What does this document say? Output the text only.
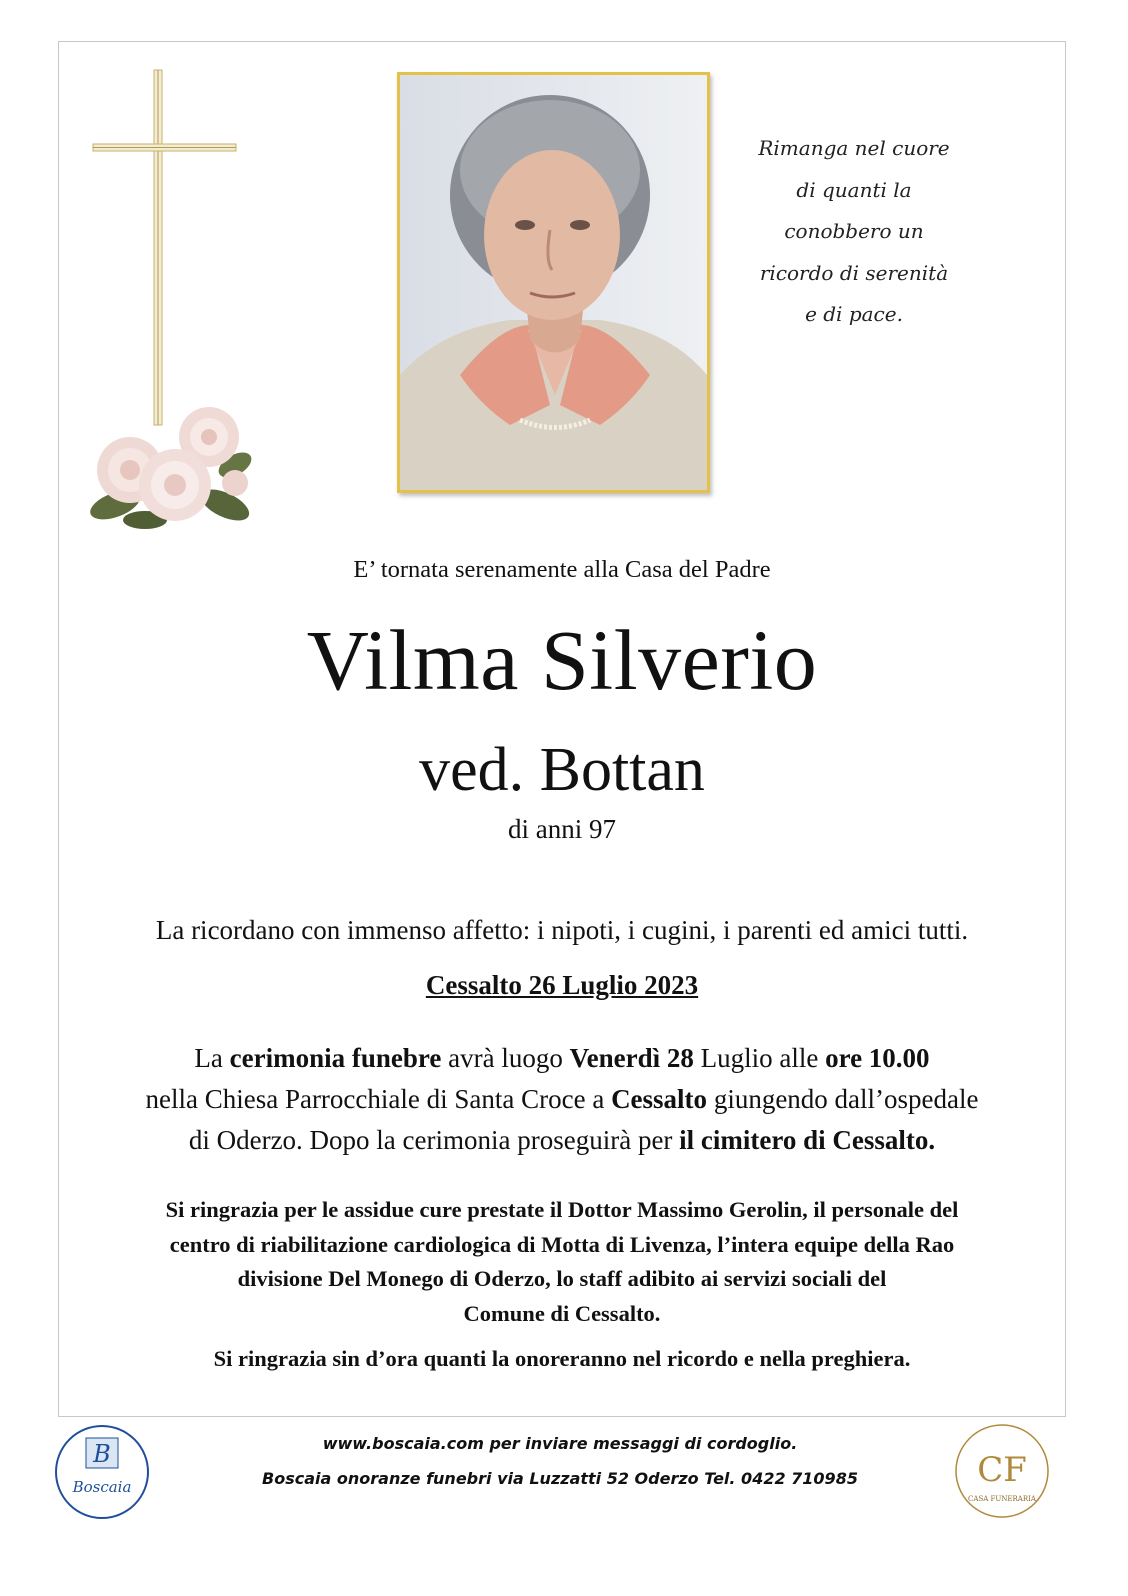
Rimanga nel cuore
di quanti la
conobbero un
ricordo di serenità
e di pace.
E’ tornata serenamente alla Casa del Padre
Vilma Silverio
ved. Bottan
di anni 97
La ricordano con immenso affetto: i nipoti, i cugini, i parenti ed amici tutti.
Cessalto 26 Luglio 2023
La cerimonia funebre avrà luogo Venerdì 28 Luglio alle ore 10.00
nella Chiesa Parrocchiale di Santa Croce a Cessalto giungendo dall’ospedale
di Oderzo. Dopo la cerimonia proseguirà per il cimitero di Cessalto.
Si ringrazia per le assidue cure prestate il Dottor Massimo Gerolin, il personale del
centro di riabilitazione cardiologica di Motta di Livenza, l’intera equipe della Rao
divisione Del Monego di Oderzo, lo staff adibito ai servizi sociali del
Comune di Cessalto.
Si ringrazia sin d’ora quanti la onoreranno nel ricordo e nella preghiera.
B
Boscaia
www.boscaia.com per inviare messaggi di cordoglio.
Boscaia onoranze funebri via Luzzatti 52 Oderzo Tel. 0422 710985	CF
CASA FUNERARIA
